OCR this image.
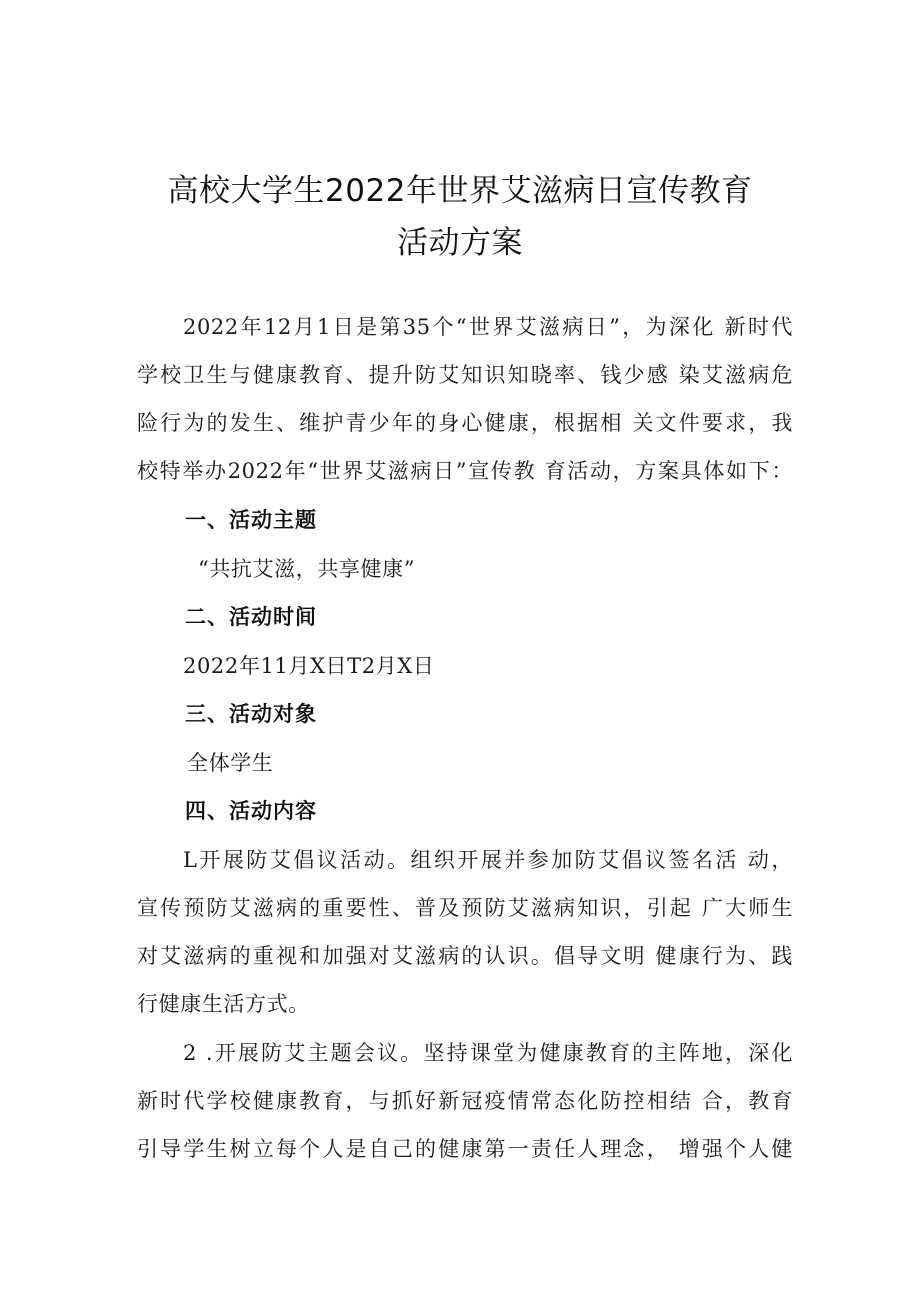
高校大学生2022年世界艾滋病日宣传教育
活动方案
2022年12月1日是第35个“世界艾滋病日”，为深化 新时代
学校卫生与健康教育、提升防艾知识知晓率、钱少感 染艾滋病危
险行为的发生、维护青少年的身心健康，根据相 关文件要求，我
校特举办2022年“世界艾滋病日”宣传教 育活动，方案具体如下：
一、活动主题
“共抗艾滋，共享健康”
二、活动时间
2022年11月X日T2月X日
三、活动对象
全体学生
四、活动内容
L开展防艾倡议活动。组织开展并参加防艾倡议签名活 动，
宣传预防艾滋病的重要性、普及预防艾滋病知识，引起 广大师生
对艾滋病的重视和加强对艾滋病的认识。倡导文明 健康行为、践
行健康生活方式。
2 .开展防艾主题会议。坚持课堂为健康教育的主阵地，深化
新时代学校健康教育，与抓好新冠疫情常态化防控相结 合，教育
引导学生树立每个人是自己的健康第一责任人理念， 增强个人健
